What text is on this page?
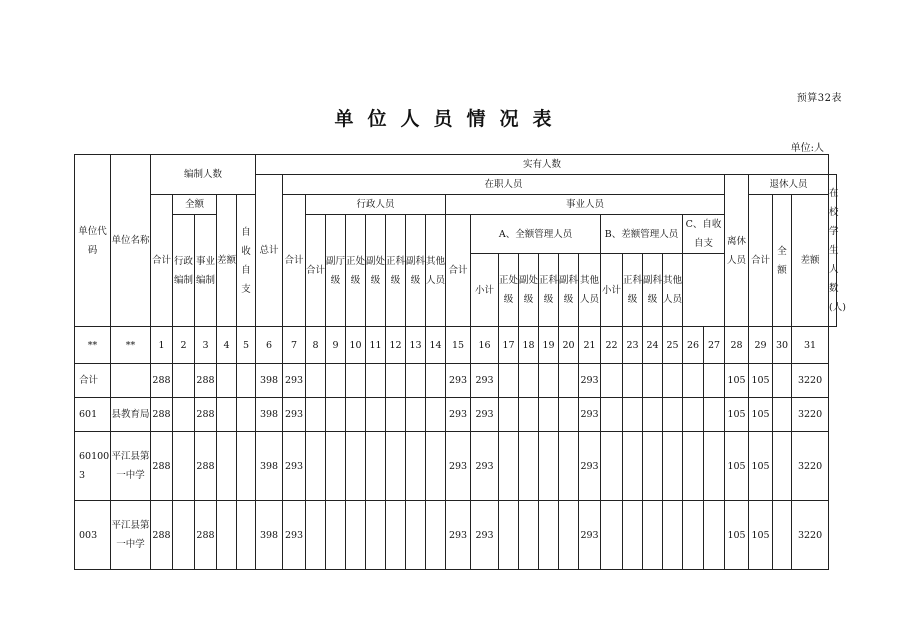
预算32表
单位人员情况表
单位:人
单位代码	单位名称	编制人数					实有人数																										
							总计	在职人员																					离休人员	退休人员			在校学生人数(人)
		合计	全额		差额	自收自支		合计	行政人员							事业人员														合计	全额	差额	
			行政编制	事业编制					合计	副厅级	正处级	副处级	正科级	副科级	其他人员	合计	A、全额管理人员						B、差额管理人员				C、自收自支						
																	小计	正处级	副处级	正科级	副科级	其他人员	小计	正科级	副科级	其他人员							
**	**	1	2	3	4	5	6	7	8	9	10	11	12	13	14	15	16	17	18	19	20	21	22	23	24	25	26	27	28	29	30	31	
合计		288		288			398	293								293	293					293							105	105		3220	
601	县教育局	288		288			398	293								293	293					293							105	105		3220	
601003	平江县第一中学	288		288			398	293								293	293					293							105	105		3220	
003	平江县第一中学	288		288			398	293								293	293					293							105	105		3220	
